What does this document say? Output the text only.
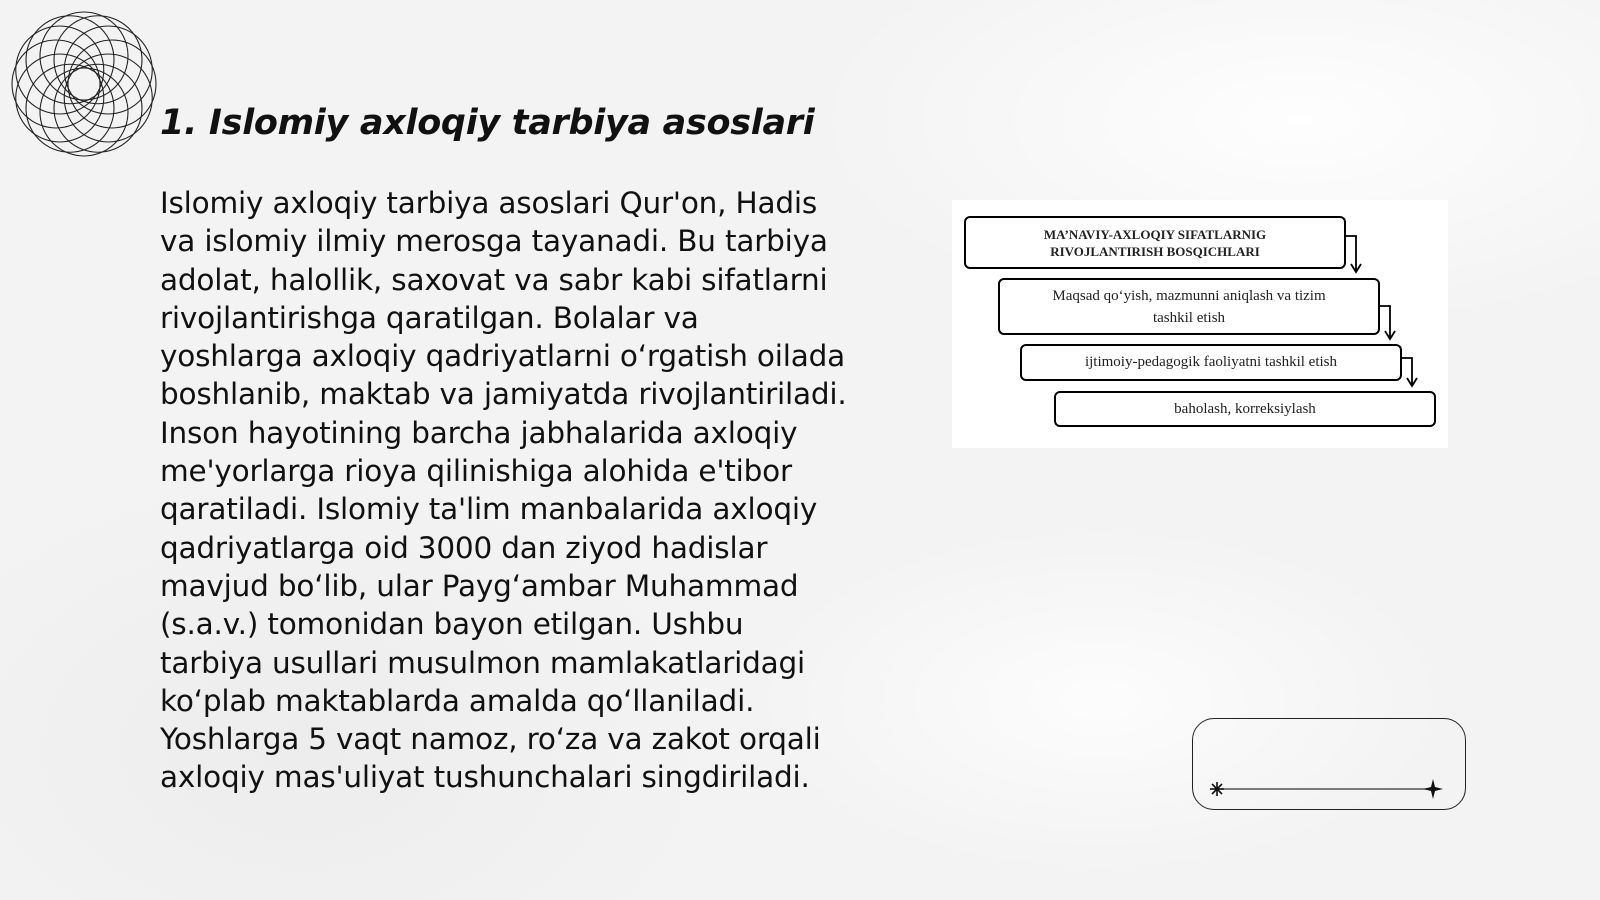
1. Islomiy axloqiy tarbiya asoslari

Islomiy axloqiy tarbiya asoslari Qur'on, Hadis va islomiy ilmiy merosga tayanadi. Bu tarbiya adolat, halollik, saxovat va sabr kabi sifatlarni rivojlantirishga qaratilgan. Bolalar va yoshlarga axloqiy qadriyatlarni o‘rgatish oilada boshlanib, maktab va jamiyatda rivojlantiriladi. Inson hayotining barcha jabhalarida axloqiy me'yorlarga rioya qilinishiga alohida e'tibor qaratiladi. Islomiy ta'lim manbalarida axloqiy qadriyatlarga oid 3000 dan ziyod hadislar mavjud bo‘lib, ular Payg‘ambar Muhammad (s.a.v.) tomonidan bayon etilgan. Ushbu tarbiya usullari musulmon mamlakatlaridagi ko‘plab maktablarda amalda qo‘llaniladi. Yoshlarga 5 vaqt namoz, ro‘za va zakot orqali axloqiy mas'uliyat tushunchalari singdiriladi.

MA’NAVIY-AXLOQIY SIFATLARNIG
RIVOJLANTIRISH BOSQICHLARI
Maqsad qo‘yish, mazmunni aniqlash va tizim
tashkil etish
ijtimoiy-pedagogik faoliyatni tashkil etish
baholash, korreksiylash
